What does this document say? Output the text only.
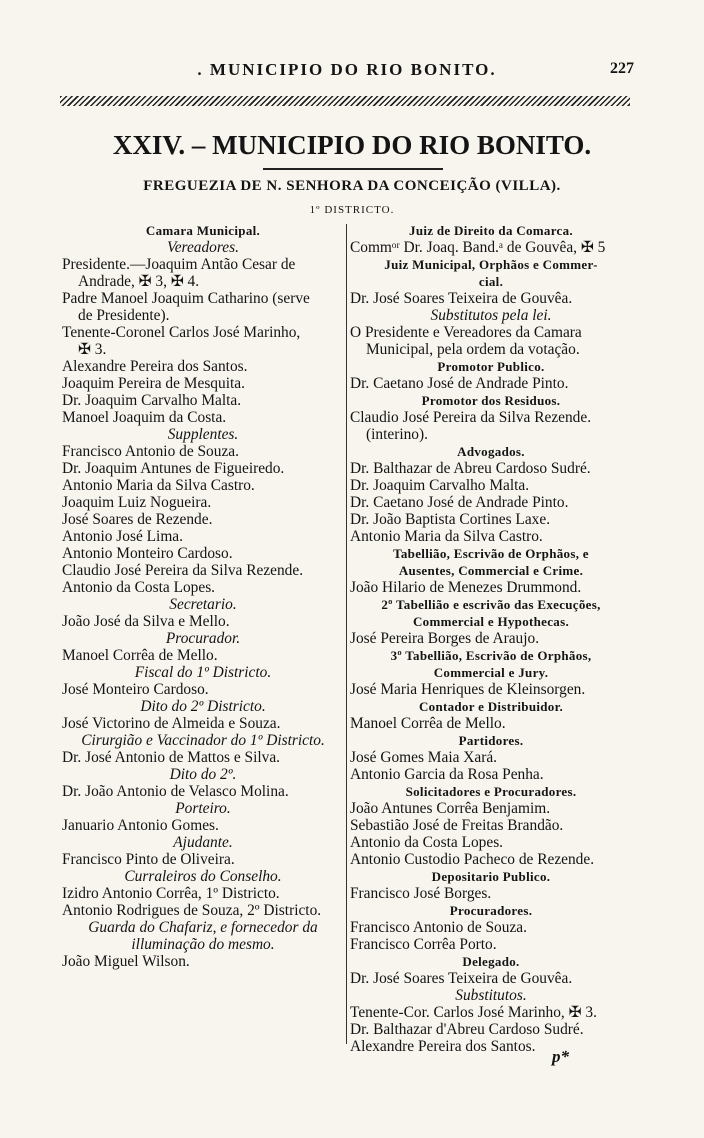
. MUNICIPIO DO RIO BONITO.	227
XXIV. – MUNICIPIO DO RIO BONITO.
FREGUEZIA DE N. SENHORA DA CONCEIÇÃO (VILLA).
1º DISTRICTO.
Camara Municipal.
Vereadores.
Presidente.—Joaquim Antão Cesar de
Andrade, ✠ 3, ✠ 4.
Padre Manoel Joaquim Catharino (serve
de Presidente).
Tenente-Coronel Carlos José Marinho,
✠ 3.
Alexandre Pereira dos Santos.
Joaquim Pereira de Mesquita.
Dr. Joaquim Carvalho Malta.
Manoel Joaquim da Costa.
Supplentes.
Francisco Antonio de Souza.
Dr. Joaquim Antunes de Figueiredo.
Antonio Maria da Silva Castro.
Joaquim Luiz Nogueira.
José Soares de Rezende.
Antonio José Lima.
Antonio Monteiro Cardoso.
Claudio José Pereira da Silva Rezende.
Antonio da Costa Lopes.
Secretario.
João José da Silva e Mello.
Procurador.
Manoel Corrêa de Mello.
Fiscal do 1º Districto.
José Monteiro Cardoso.
Dito do 2º Districto.
José Victorino de Almeida e Souza.
Cirurgião e Vaccinador do 1º Districto.
Dr. José Antonio de Mattos e Silva.
Dito do 2º.
Dr. João Antonio de Velasco Molina.
Porteiro.
Januario Antonio Gomes.
Ajudante.
Francisco Pinto de Oliveira.
Curraleiros do Conselho.
Izidro Antonio Corrêa, 1º Districto.
Antonio Rodrigues de Souza, 2º Districto.
Guarda do Chafariz, e fornecedor da
illuminação do mesmo.
João Miguel Wilson.
Juiz de Direito da Comarca.
Commᵒʳ Dr. Joaq. Band.ᵃ de Gouvêa, ✠ 5
Juiz Municipal, Orphãos e Commer-
cial.
Dr. José Soares Teixeira de Gouvêa.
Substitutos pela lei.
O Presidente e Vereadores da Camara
Municipal, pela ordem da votação.
Promotor Publico.
Dr. Caetano José de Andrade Pinto.
Promotor dos Residuos.
Claudio José Pereira da Silva Rezende.
(interino).
Advogados.
Dr. Balthazar de Abreu Cardoso Sudré.
Dr. Joaquim Carvalho Malta.
Dr. Caetano José de Andrade Pinto.
Dr. João Baptista Cortines Laxe.
Antonio Maria da Silva Castro.
Tabellião, Escrivão de Orphãos, e
Ausentes, Commercial e Crime.
João Hilario de Menezes Drummond.
2º Tabellião e escrivão das Execuções,
Commercial e Hypothecas.
José Pereira Borges de Araujo.
3º Tabellião, Escrivão de Orphãos,
Commercial e Jury.
José Maria Henriques de Kleinsorgen.
Contador e Distribuidor.
Manoel Corrêa de Mello.
Partidores.
José Gomes Maia Xará.
Antonio Garcia da Rosa Penha.
Solicitadores e Procuradores.
João Antunes Corrêa Benjamim.
Sebastião José de Freitas Brandão.
Antonio da Costa Lopes.
Antonio Custodio Pacheco de Rezende.
Depositario Publico.
Francisco José Borges.
Procuradores.
Francisco Antonio de Souza.
Francisco Corrêa Porto.
Delegado.
Dr. José Soares Teixeira de Gouvêa.
Substitutos.
Tenente-Cor. Carlos José Marinho, ✠ 3.
Dr. Balthazar d'Abreu Cardoso Sudré.
Alexandre Pereira dos Santos.
p*
